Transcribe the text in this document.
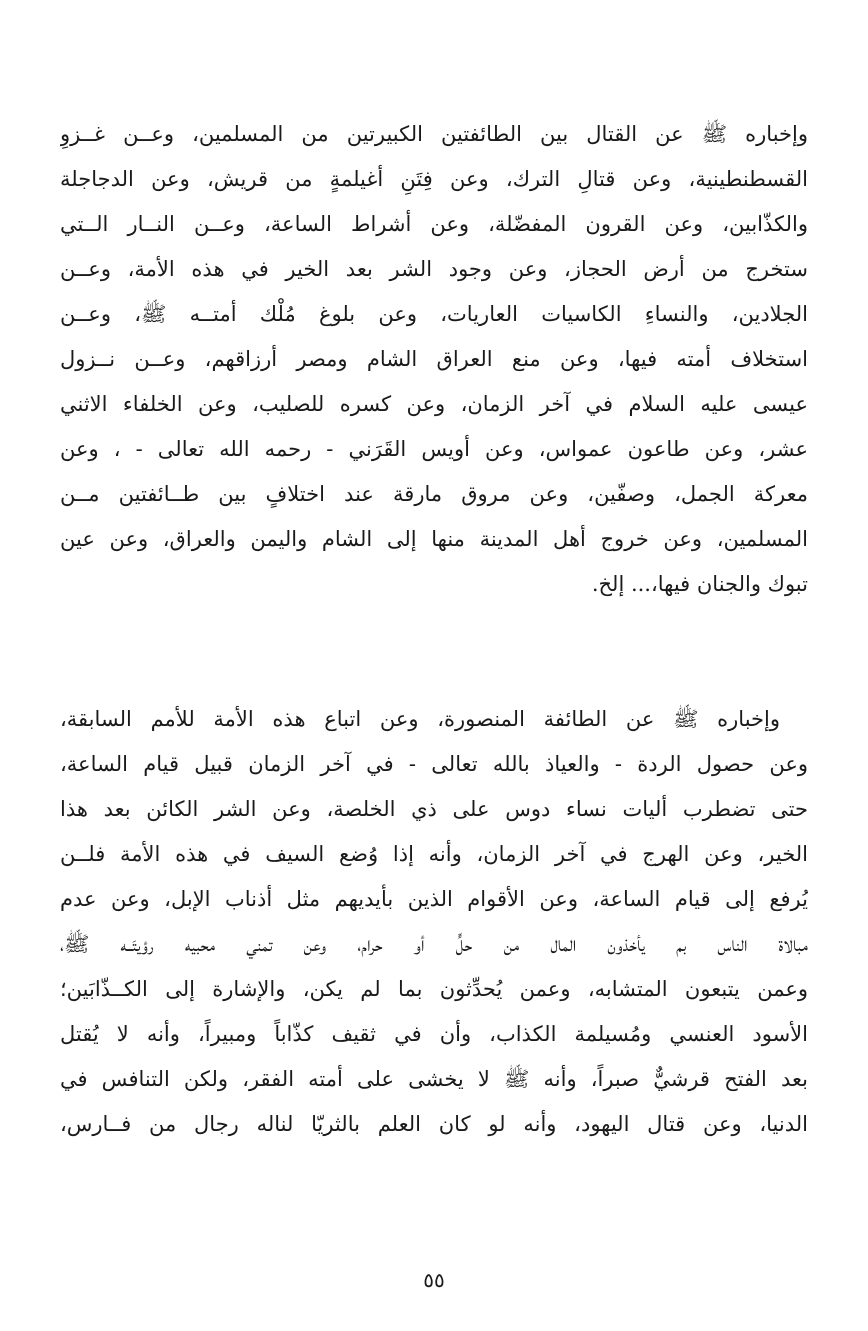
وإخباره ﷺ عن القتال بين الطائفتين الكبيرتين من المسلمين، وعــن غــزوِ
القسطنطينية، وعن قتالِ الترك، وعن فِتَنِ أغيلمةٍ من قريش، وعن الدجاجلة
والكذّابين، وعن القرون المفضّلة، وعن أشراط الساعة، وعــن النــار الــتي
ستخرج من أرض الحجاز، وعن وجود الشر بعد الخير في هذه الأمة، وعــن
الجلادين، والنساءِ الكاسيات العاريات، وعن بلوغ مُلْك أمتــه ﷺ، وعــن
استخلاف أمته فيها، وعن منع العراق الشام ومصر أرزاقهم، وعــن نــزول
عيسى عليه السلام في آخر الزمان، وعن كسره للصليب، وعن الخلفاء الاثني
عشر، وعن طاعون عمواس، وعن أويس القَرَني - رحمه الله تعالى - ، وعن
معركة الجمل، وصفّين، وعن مروق مارقة عند اختلافٍ بين طــائفتين مــن
المسلمين، وعن خروج أهل المدينة منها إلى الشام واليمن والعراق، وعن عين
تبوك والجنان فيها،... إلخ.
وإخباره ﷺ عن الطائفة المنصورة، وعن اتباع هذه الأمة للأمم السابقة،
وعن حصول الردة - والعياذ بالله تعالى - في آخر الزمان قبيل قيام الساعة،
حتى تضطرب أليات نساء دوس على ذي الخلصة، وعن الشر الكائن بعد هذا
الخير، وعن الهرج في آخر الزمان، وأنه إذا وُضع السيف في هذه الأمة فلــن
يُرفع إلى قيام الساعة، وعن الأقوام الذين بأيديهم مثل أذناب الإبل، وعن عدم
مبالاة الناس بم يأخذون المال من حلٍّ أو حرام، وعن تمني محبيه رؤيتَــه ﷺ،
وعمن يتبعون المتشابه، وعمن يُحدِّثون بما لم يكن، والإشارة إلى الكــذّابَين؛
الأسود العنسي ومُسيلمة الكذاب، وأن في ثقيف كذّاباً ومبيراً، وأنه لا يُقتل
بعد الفتح قرشيٌّ صبراً، وأنه ﷺ لا يخشى على أمته الفقر، ولكن التنافس في
الدنيا، وعن قتال اليهود، وأنه لو كان العلم بالثريّا لناله رجال من فــارس،
٥٥
